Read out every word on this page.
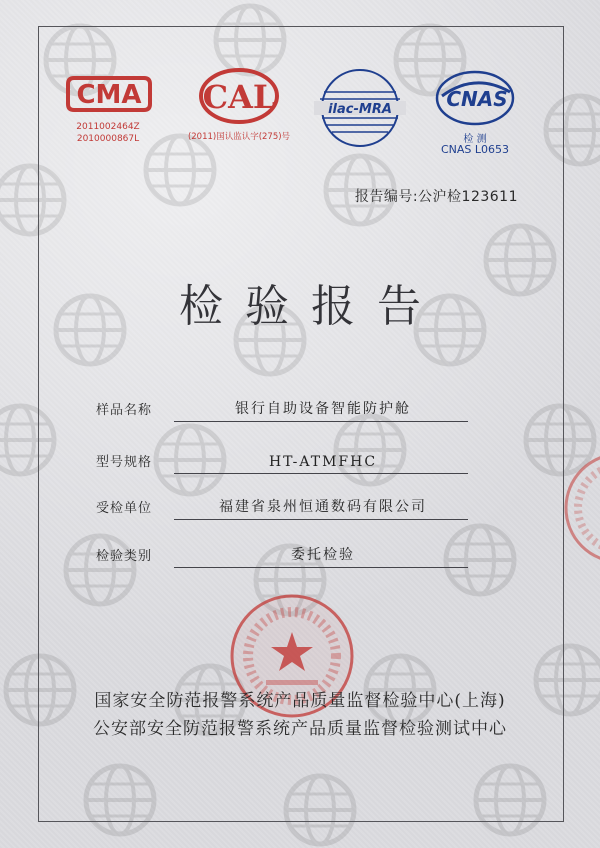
CMA
2011002464Z
2010000867L
CAL
(2011)国认监认字(275)号
ilac-MRA	CNAS
检 测
CNAS L0653
报告编号:公沪检123611
检验报告
样品名称	银行自助设备智能防护舱
型号规格	HT-ATMFHC
受检单位	福建省泉州恒通数码有限公司
检验类别	委托检验
国家安全防范报警系统产品质量监督检验中心(上海)
公安部安全防范报警系统产品质量监督检验测试中心
